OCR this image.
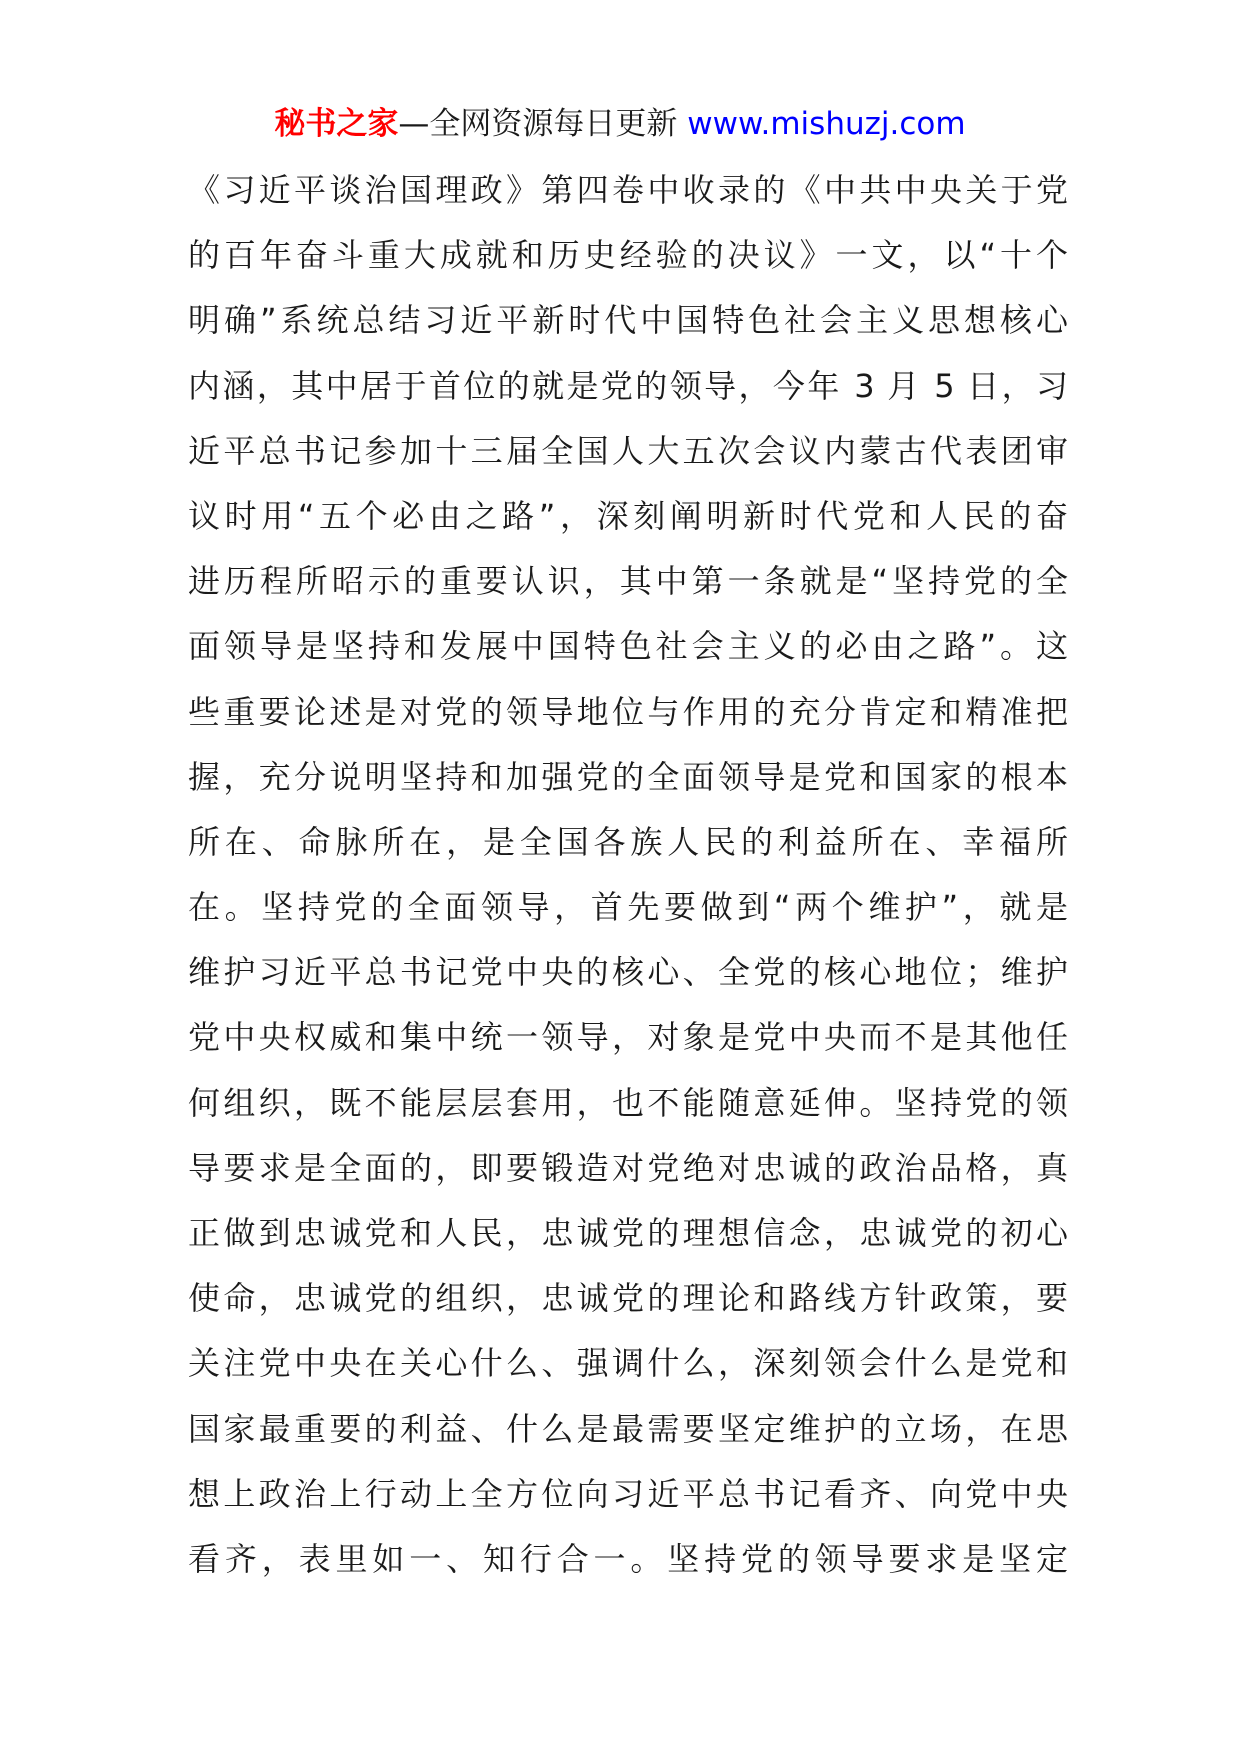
秘书之家—全网资源每日更新 www.mishuzj.com
《习近平谈治国理政》第四卷中收录的《中共中央关于党
的百年奋斗重大成就和历史经验的决议》一文，以“十个
明确”系统总结习近平新时代中国特色社会主义思想核心
内涵，其中居于首位的就是党的领导，今年 3 月 5 日，习
近平总书记参加十三届全国人大五次会议内蒙古代表团审
议时用“五个必由之路”，深刻阐明新时代党和人民的奋
进历程所昭示的重要认识，其中第一条就是“坚持党的全
面领导是坚持和发展中国特色社会主义的必由之路”。这
些重要论述是对党的领导地位与作用的充分肯定和精准把
握，充分说明坚持和加强党的全面领导是党和国家的根本
所在、命脉所在，是全国各族人民的利益所在、幸福所
在。坚持党的全面领导，首先要做到“两个维护”，就是
维护习近平总书记党中央的核心、全党的核心地位；维护
党中央权威和集中统一领导，对象是党中央而不是其他任
何组织，既不能层层套用，也不能随意延伸。坚持党的领
导要求是全面的，即要锻造对党绝对忠诚的政治品格，真
正做到忠诚党和人民，忠诚党的理想信念，忠诚党的初心
使命，忠诚党的组织，忠诚党的理论和路线方针政策，要
关注党中央在关心什么、强调什么，深刻领会什么是党和
国家最重要的利益、什么是最需要坚定维护的立场，在思
想上政治上行动上全方位向习近平总书记看齐、向党中央
看齐，表里如一、知行合一。坚持党的领导要求是坚定
